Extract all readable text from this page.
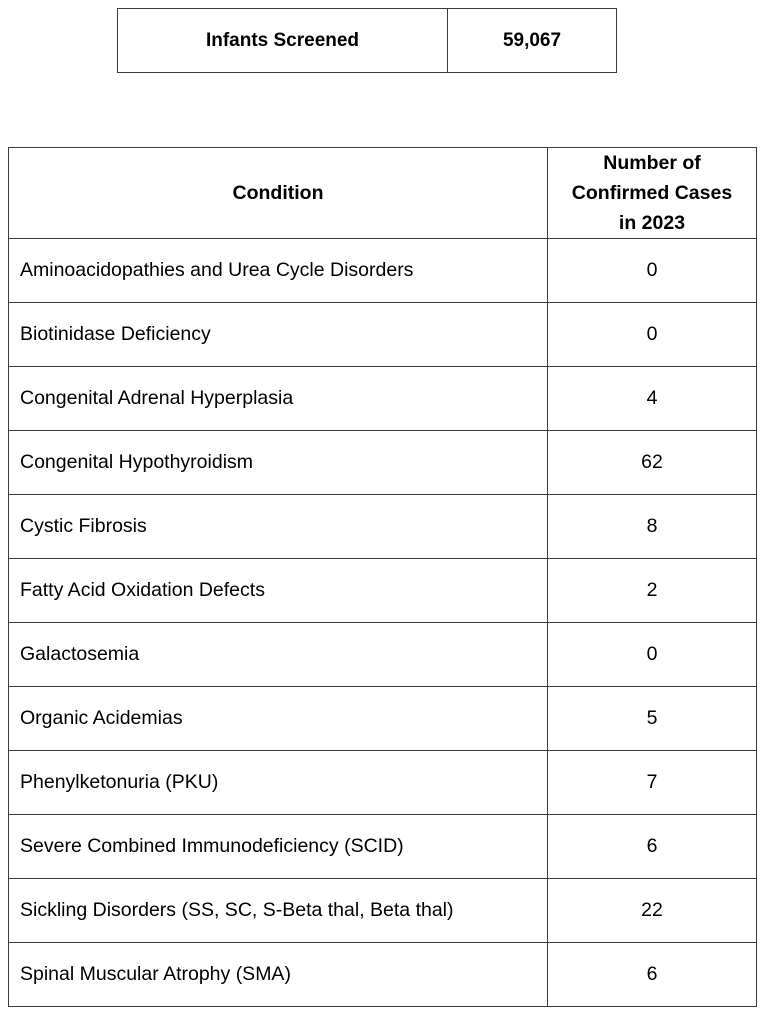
Infants Screened	59,067
Condition	Number of
Confirmed Cases
in 2023

Aminoacidopathies and Urea Cycle Disorders	0
Biotinidase Deficiency	0
Congenital Adrenal Hyperplasia	4
Congenital Hypothyroidism	62
Cystic Fibrosis	8
Fatty Acid Oxidation Defects	2
Galactosemia	0
Organic Acidemias	5
Phenylketonuria (PKU)	7
Severe Combined Immunodeficiency (SCID)	6
Sickling Disorders (SS, SC, S-Beta thal, Beta thal)	22
Spinal Muscular Atrophy (SMA)	6
